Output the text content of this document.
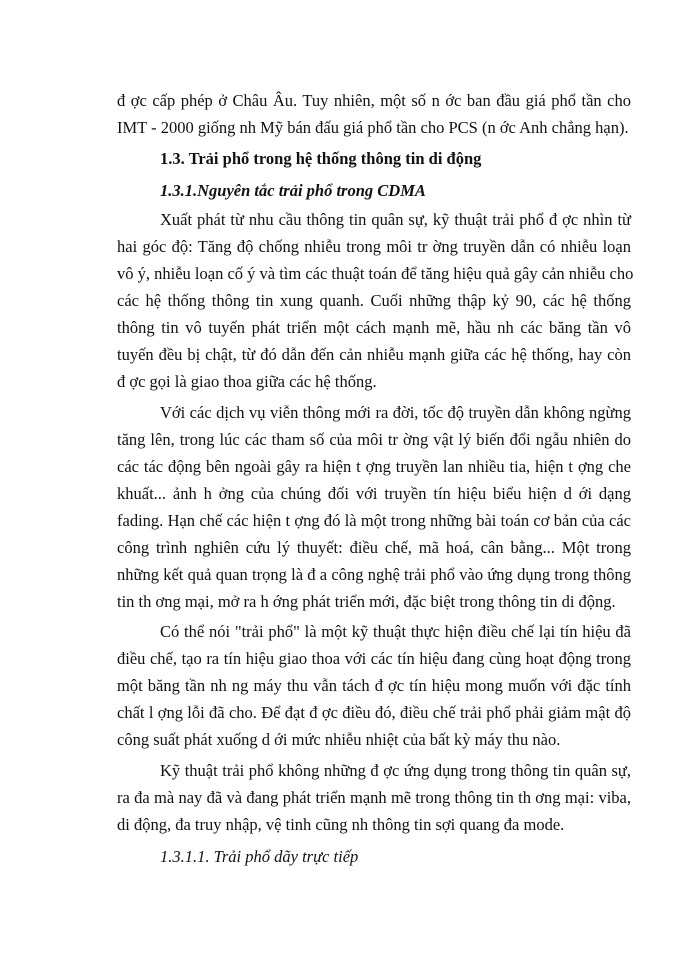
đ ợc cấp phép ở Châu Âu. Tuy nhiên, một số n ớc ban đầu giá phổ tần cho
IMT - 2000 giống nh Mỹ bán đấu giá phổ tần cho PCS (n ớc Anh chẳng hạn).
1.3. Trải phổ trong hệ thống thông tin di động
1.3.1.Nguyên tắc trải phổ trong CDMA
Xuất phát từ nhu cầu thông tin quân sự, kỹ thuật trải phổ đ ợc nhìn từ
hai góc độ: Tăng độ chống nhiễu trong môi tr ờng truyền dẫn có nhiễu loạn
vô ý, nhiễu loạn cố ý và tìm các thuật toán để tăng hiệu quả gây cản nhiễu cho
các hệ thống thông tin xung quanh. Cuối những thập kỷ 90, các hệ thống
thông tin vô tuyến phát triển một cách mạnh mẽ, hầu nh các băng tần vô
tuyến đều bị chật, từ đó dẫn đến cản nhiễu mạnh giữa các hệ thống, hay còn
đ ợc gọi là giao thoa giữa các hệ thống.
Với các dịch vụ viễn thông mới ra đời, tốc độ truyền dẫn không ngừng
tăng lên, trong lúc các tham số của môi tr ờng vật lý biến đổi ngẫu nhiên do
các tác động bên ngoài gây ra hiện t ợng truyền lan nhiều tia, hiện t ợng che
khuất... ảnh h ởng của chúng đối với truyền tín hiệu biểu hiện d ới dạng
fading. Hạn chế các hiện t ợng đó là một trong những bài toán cơ bản của các
công trình nghiên cứu lý thuyết: điều chế, mã hoá, cân bằng... Một trong
những kết quả quan trọng là đ a công nghệ trải phổ vào ứng dụng trong thông
tin th ơng mại, mở ra h ớng phát triển mới, đặc biệt trong thông tin di động.
Có thể nói "trải phổ" là một kỹ thuật thực hiện điều chế lại tín hiệu đã
điều chế, tạo ra tín hiệu giao thoa với các tín hiệu đang cùng hoạt động trong
một băng tần nh ng máy thu vẫn tách đ ợc tín hiệu mong muốn với đặc tính
chất l ợng lỗi đã cho. Để đạt đ ợc điều đó, điều chế trải phổ phải giảm mật độ
công suất phát xuống d ới mức nhiễu nhiệt của bất kỳ máy thu nào.
Kỹ thuật trải phổ không những đ ợc ứng dụng trong thông tin quân sự,
ra đa mà nay đã và đang phát triển mạnh mẽ trong thông tin th ơng mại: viba,
di động, đa truy nhập, vệ tinh cũng nh thông tin sợi quang đa mode.
1.3.1.1. Trải phổ dãy trực tiếp
